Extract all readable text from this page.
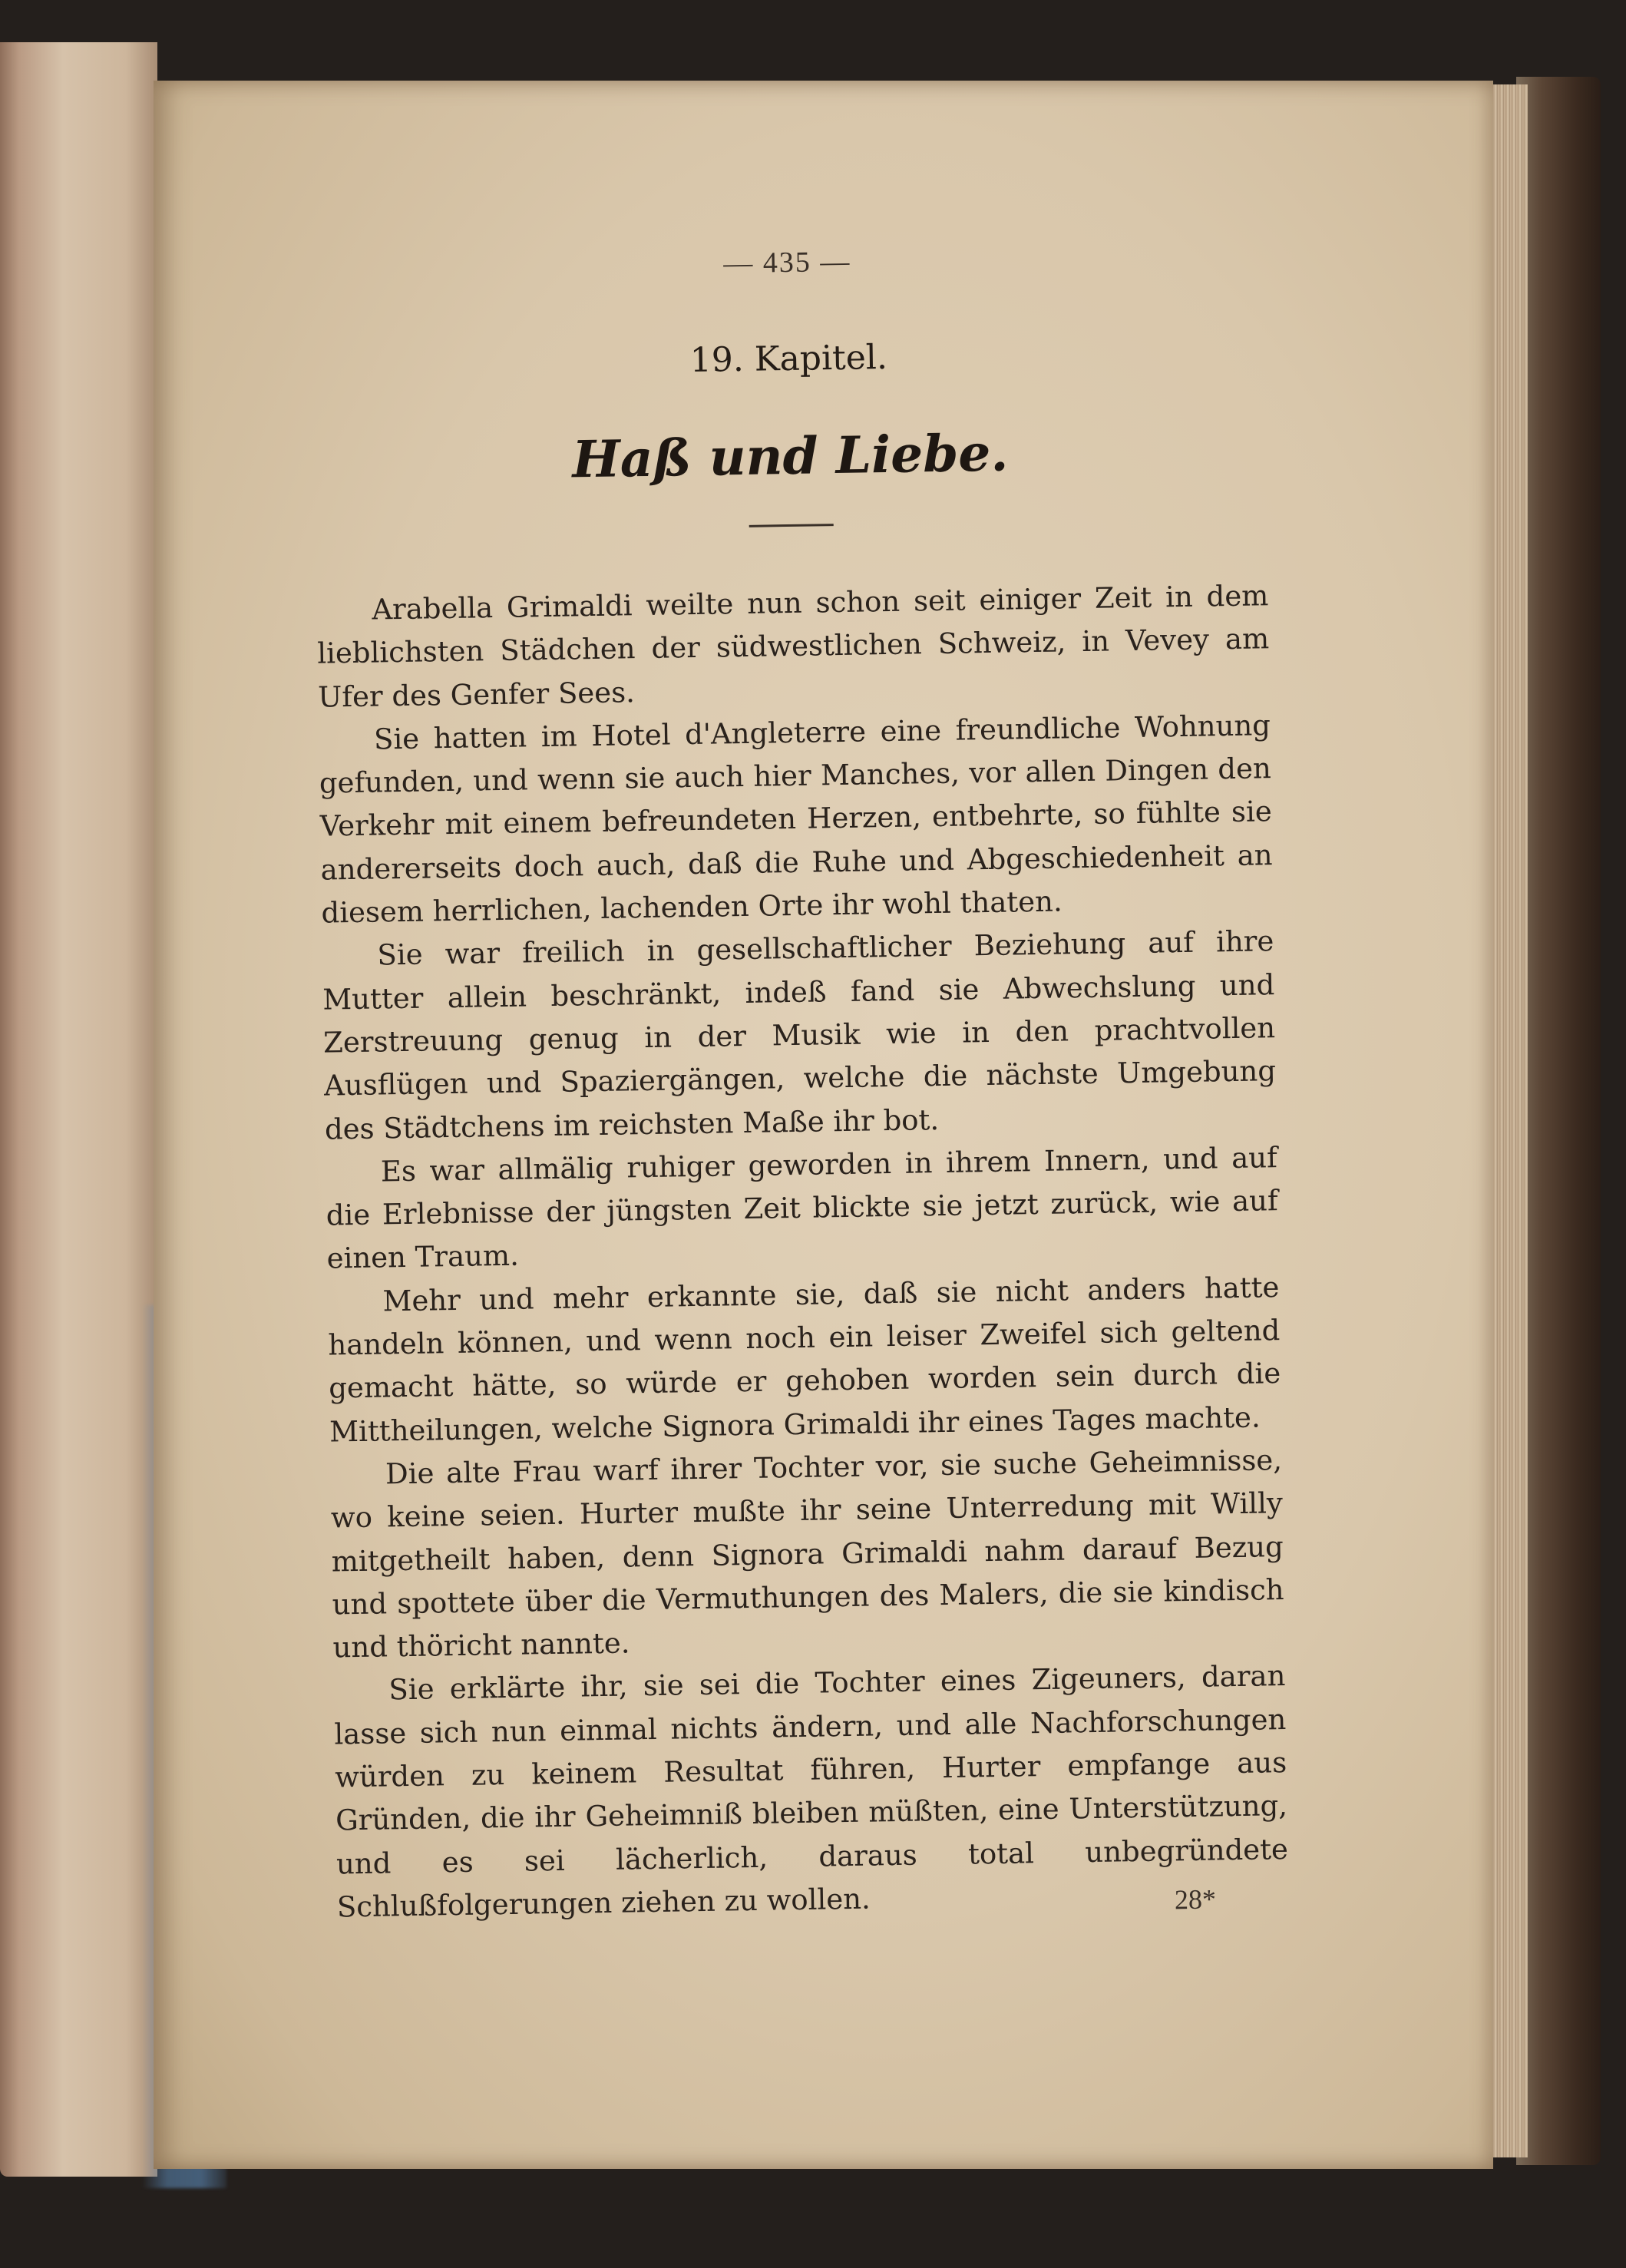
— 435 —
19. Kapitel.
Haß und Liebe.

Arabella Grimaldi weilte nun schon seit einiger Zeit in dem lieblichsten Städchen der südwestlichen Schweiz, in Vevey am Ufer des Genfer Sees.

Sie hatten im Hotel d'Angleterre eine freundliche Wohnung gefunden, und wenn sie auch hier Manches, vor allen Dingen den Verkehr mit einem befreundeten Herzen, entbehrte, so fühlte sie andererseits doch auch, daß die Ruhe und Abgeschiedenheit an diesem herrlichen, lachenden Orte ihr wohl thaten.

Sie war freilich in gesellschaftlicher Beziehung auf ihre Mutter allein beschränkt, indeß fand sie Abwechslung und Zerstreuung genug in der Musik wie in den prachtvollen Ausflügen und Spaziergängen, welche die nächste Umgebung des Städtchens im reichsten Maße ihr bot.

Es war allmälig ruhiger geworden in ihrem Innern, und auf die Erlebnisse der jüngsten Zeit blickte sie jetzt zurück, wie auf einen Traum.

Mehr und mehr erkannte sie, daß sie nicht anders hatte handeln können, und wenn noch ein leiser Zweifel sich geltend gemacht hätte, so würde er gehoben worden sein durch die Mittheilungen, welche Signora Grimaldi ihr eines Tages machte.

Die alte Frau warf ihrer Tochter vor, sie suche Geheimnisse, wo keine seien. Hurter mußte ihr seine Unterredung mit Willy mitgetheilt haben, denn Signora Grimaldi nahm darauf Bezug und spottete über die Vermuthungen des Malers, die sie kindisch und thöricht nannte.

Sie erklärte ihr, sie sei die Tochter eines Zigeuners, daran lasse sich nun einmal nichts ändern, und alle Nachforschungen würden zu keinem Resultat führen, Hurter empfange aus Gründen, die ihr Geheimniß bleiben müßten, eine Unterstützung, und es sei lächerlich, daraus total unbegründete Schlußfolgerungen ziehen zu wollen.	28*
